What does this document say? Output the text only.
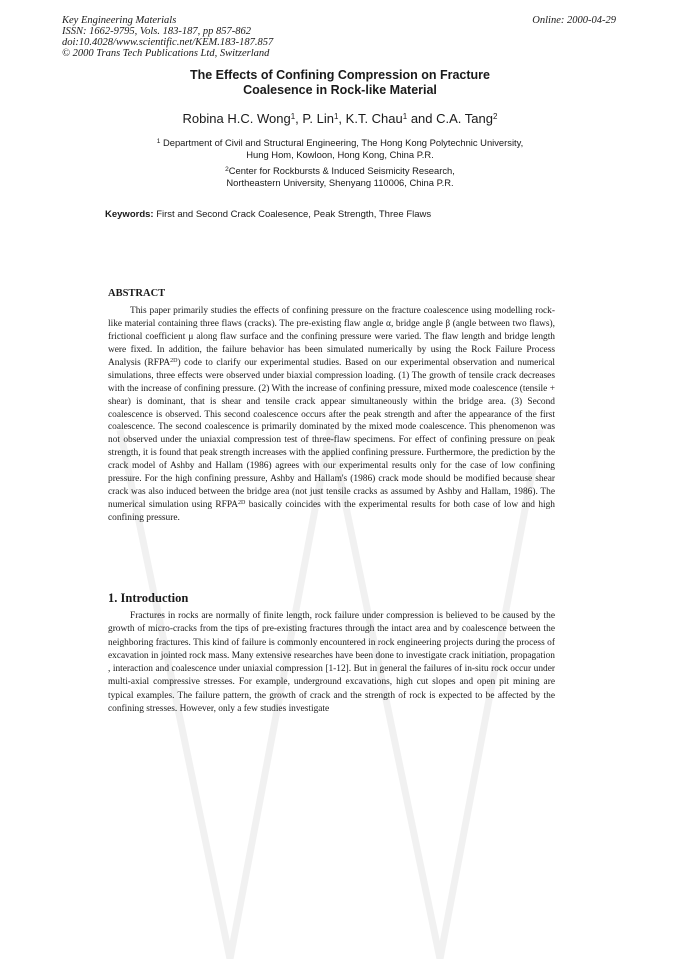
Key Engineering Materials
ISSN: 1662-9795, Vols. 183-187, pp 857-862
doi:10.4028/www.scientific.net/KEM.183-187.857
© 2000 Trans Tech Publications Ltd, Switzerland
Online: 2000-04-29
The Effects of Confining Compression on Fracture
Coalesence in Rock-like Material
Robina H.C. Wong$^1$, P. Lin$^1$, K.T. Chau$^1$ and C.A. Tang$^2$
$^1$ Department of Civil and Structural Engineering, The Hong Kong Polytechnic University,
Hung Hom, Kowloon, Hong Kong, China P.R.
$^2$Center for Rockbursts & Induced Seismicity Research,
Northeastern University, Shenyang 110006, China P.R.
Keywords: First and Second Crack Coalesence, Peak Strength, Three Flaws
ABSTRACT

This paper primarily studies the effects of confining pressure on the fracture coalescence using modelling rock-like material containing three flaws (cracks). The pre-existing flaw angle α, bridge angle β (angle between two flaws), frictional coefficient μ along flaw surface and the confining pressure were varied. The flaw length and bridge length were fixed. In addition, the failure behavior has been simulated numerically by using the Rock Failure Process Analysis $(RFPA^{2D})$ code to clarify our experimental studies. Based on our experimental observation and numerical simulations, three effects were observed under biaxial compression loading. (1) The growth of tensile crack decreases with the increase of confining pressure. (2) With the increase of confining pressure, mixed mode coalescence (tensile + shear) is dominant, that is shear and tensile crack appear simultaneously within the bridge area. (3) Second coalescence is observed. This second coalescence occurs after the peak strength and after the appearance of the first coalescence. The second coalescence is primarily dominated by the mixed mode coalescence. This phenomenon was not observed under the uniaxial compression test of three-flaw specimens. For effect of confining pressure on peak strength, it is found that peak strength increases with the applied confining pressure. Furthermore, the prediction by the crack model of Ashby and Hallam (1986) agrees with our experimental results only for the case of low confining pressure. For the high confining pressure, Ashby and Hallam's (1986) crack mode should be modified because shear crack was also induced between the bridge area (not just tensile cracks as assumed by Ashby and Hallam, 1986). The numerical simulation using $RFPA^{2D}$ basically coincides with the experimental results for both case of low and high confining pressure.

1. Introduction

Fractures in rocks are normally of finite length, rock failure under compression is believed to be caused by the growth of micro-cracks from the tips of pre-existing fractures through the intact area and by coalescence between the neighboring fractures. This kind of failure is commonly encountered in rock engineering projects during the process of excavation in jointed rock mass. Many extensive researches have been done to investigate crack initiation, propagation , interaction and coalescence under uniaxial compression [1-12]. But in general the failures of in-situ rock occur under multi-axial compressive stresses. For example, underground excavations, high cut slopes and open pit mining are typical examples. The failure pattern, the growth of crack and the strength of rock is expected to be affected by the confining stresses. However, only a few studies investigate
